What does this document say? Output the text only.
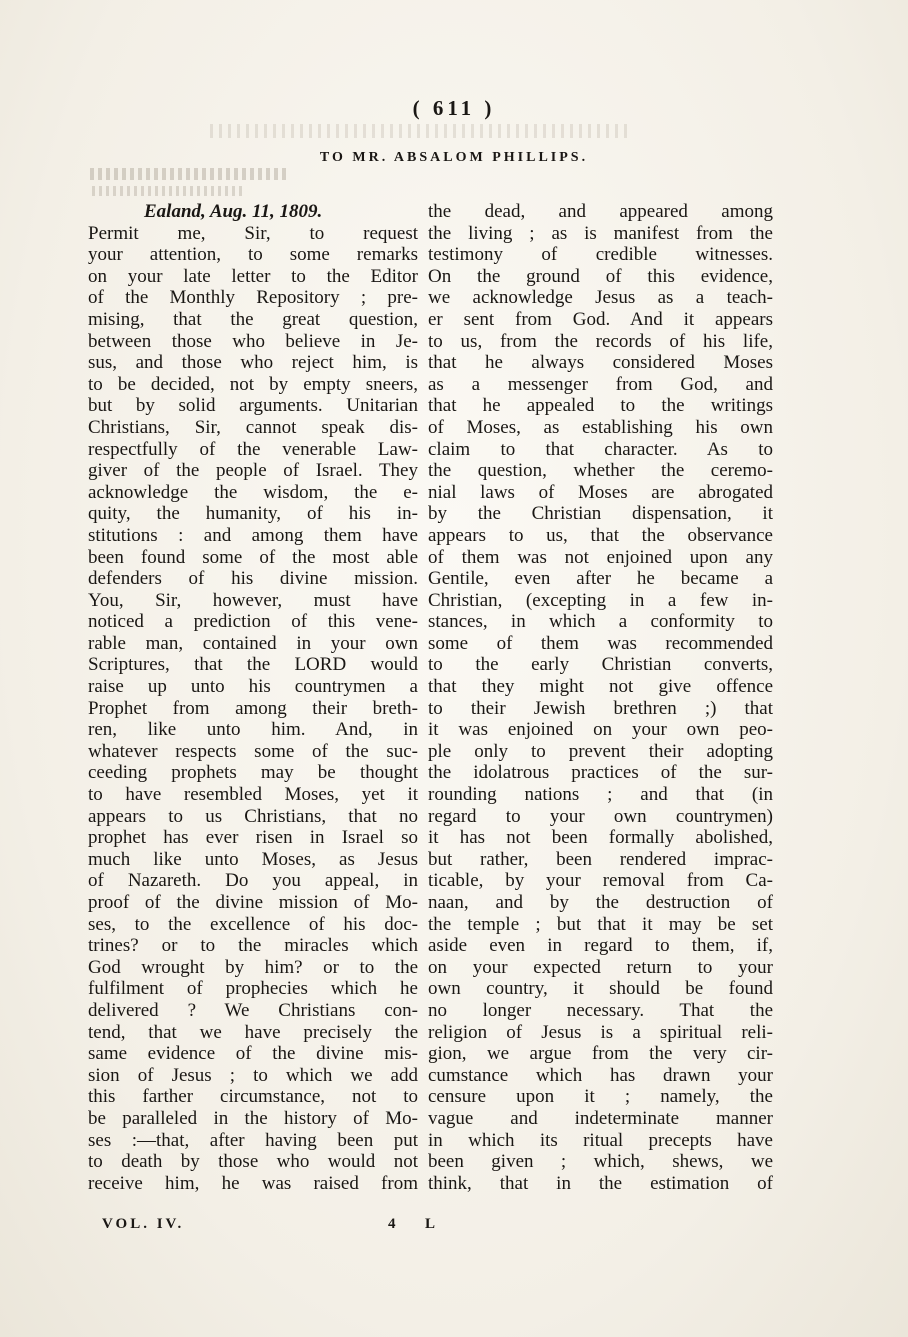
( 611 )
TO MR. ABSALOM PHILLIPS.
Ealand, Aug. 11, 1809.
Permit me, Sir, to request
your attention, to some remarks
on your late letter to the Editor
of the Monthly Repository ; pre-
mising, that the great question,
between those who believe in Je-
sus, and those who reject him, is
to be decided, not by empty sneers,
but by solid arguments. Unitarian
Christians, Sir, cannot speak dis-
respectfully of the venerable Law-
giver of the people of Israel. They
acknowledge the wisdom, the e-
quity, the humanity, of his in-
stitutions : and among them have
been found some of the most able
defenders of his divine mission.
You, Sir, however, must have
noticed a prediction of this vene-
rable man, contained in your own
Scriptures, that the LORD would
raise up unto his countrymen a
Prophet from among their breth-
ren, like unto him. And, in
whatever respects some of the suc-
ceeding prophets may be thought
to have resembled Moses, yet it
appears to us Christians, that no
prophet has ever risen in Israel so
much like unto Moses, as Jesus
of Nazareth. Do you appeal, in
proof of the divine mission of Mo-
ses, to the excellence of his doc-
trines? or to the miracles which
God wrought by him? or to the
fulfilment of prophecies which he
delivered ? We Christians con-
tend, that we have precisely the
same evidence of the divine mis-
sion of Jesus ; to which we add
this farther circumstance, not to
be paralleled in the history of Mo-
ses :—that, after having been put
to death by those who would not
receive him, he was raised from
the dead, and appeared among
the living ; as is manifest from the
testimony of credible witnesses.
On the ground of this evidence,
we acknowledge Jesus as a teach-
er sent from God. And it appears
to us, from the records of his life,
that he always considered Moses
as a messenger from God, and
that he appealed to the writings
of Moses, as establishing his own
claim to that character. As to
the question, whether the ceremo-
nial laws of Moses are abrogated
by the Christian dispensation, it
appears to us, that the observance
of them was not enjoined upon any
Gentile, even after he became a
Christian, (excepting in a few in-
stances, in which a conformity to
some of them was recommended
to the early Christian converts,
that they might not give offence
to their Jewish brethren ;) that
it was enjoined on your own peo-
ple only to prevent their adopting
the idolatrous practices of the sur-
rounding nations ; and that (in
regard to your own countrymen)
it has not been formally abolished,
but rather, been rendered imprac-
ticable, by your removal from Ca-
naan, and by the destruction of
the temple ; but that it may be set
aside even in regard to them, if,
on your expected return to your
own country, it should be found
no longer necessary. That the
religion of Jesus is a spiritual reli-
gion, we argue from the very cir-
cumstance which has drawn your
censure upon it ; namely, the
vague and indeterminate manner
in which its ritual precepts have
been given ; which, shews, we
think, that in the estimation of
VOL. IV.	4 L
